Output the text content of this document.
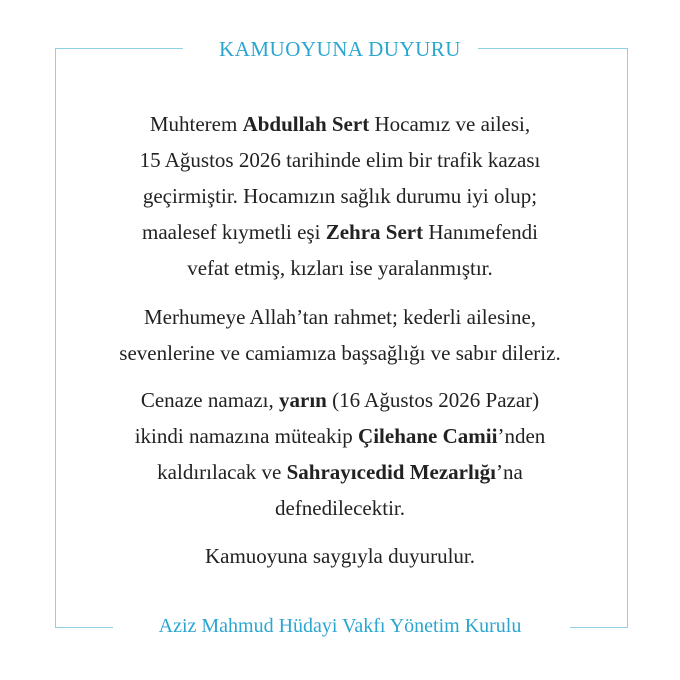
KAMUOYUNA DUYURU
Muhterem Abdullah Sert Hocamız ve ailesi,
15 Ağustos 2026 tarihinde elim bir trafik kazası
geçirmiştir. Hocamızın sağlık durumu iyi olup;
maalesef kıymetli eşi Zehra Sert Hanımefendi
vefat etmiş, kızları ise yaralanmıştır.
Merhumeye Allah’tan rahmet; kederli ailesine,
sevenlerine ve camiamıza başsağlığı ve sabır dileriz.
Cenaze namazı, yarın (16 Ağustos 2026 Pazar)
ikindi namazına müteakip Çilehane Camii’nden
kaldırılacak ve Sahrayıcedid Mezarlığı’na
defnedilecektir.
Kamuoyuna saygıyla duyurulur.
Aziz Mahmud Hüdayi Vakfı Yönetim Kurulu
